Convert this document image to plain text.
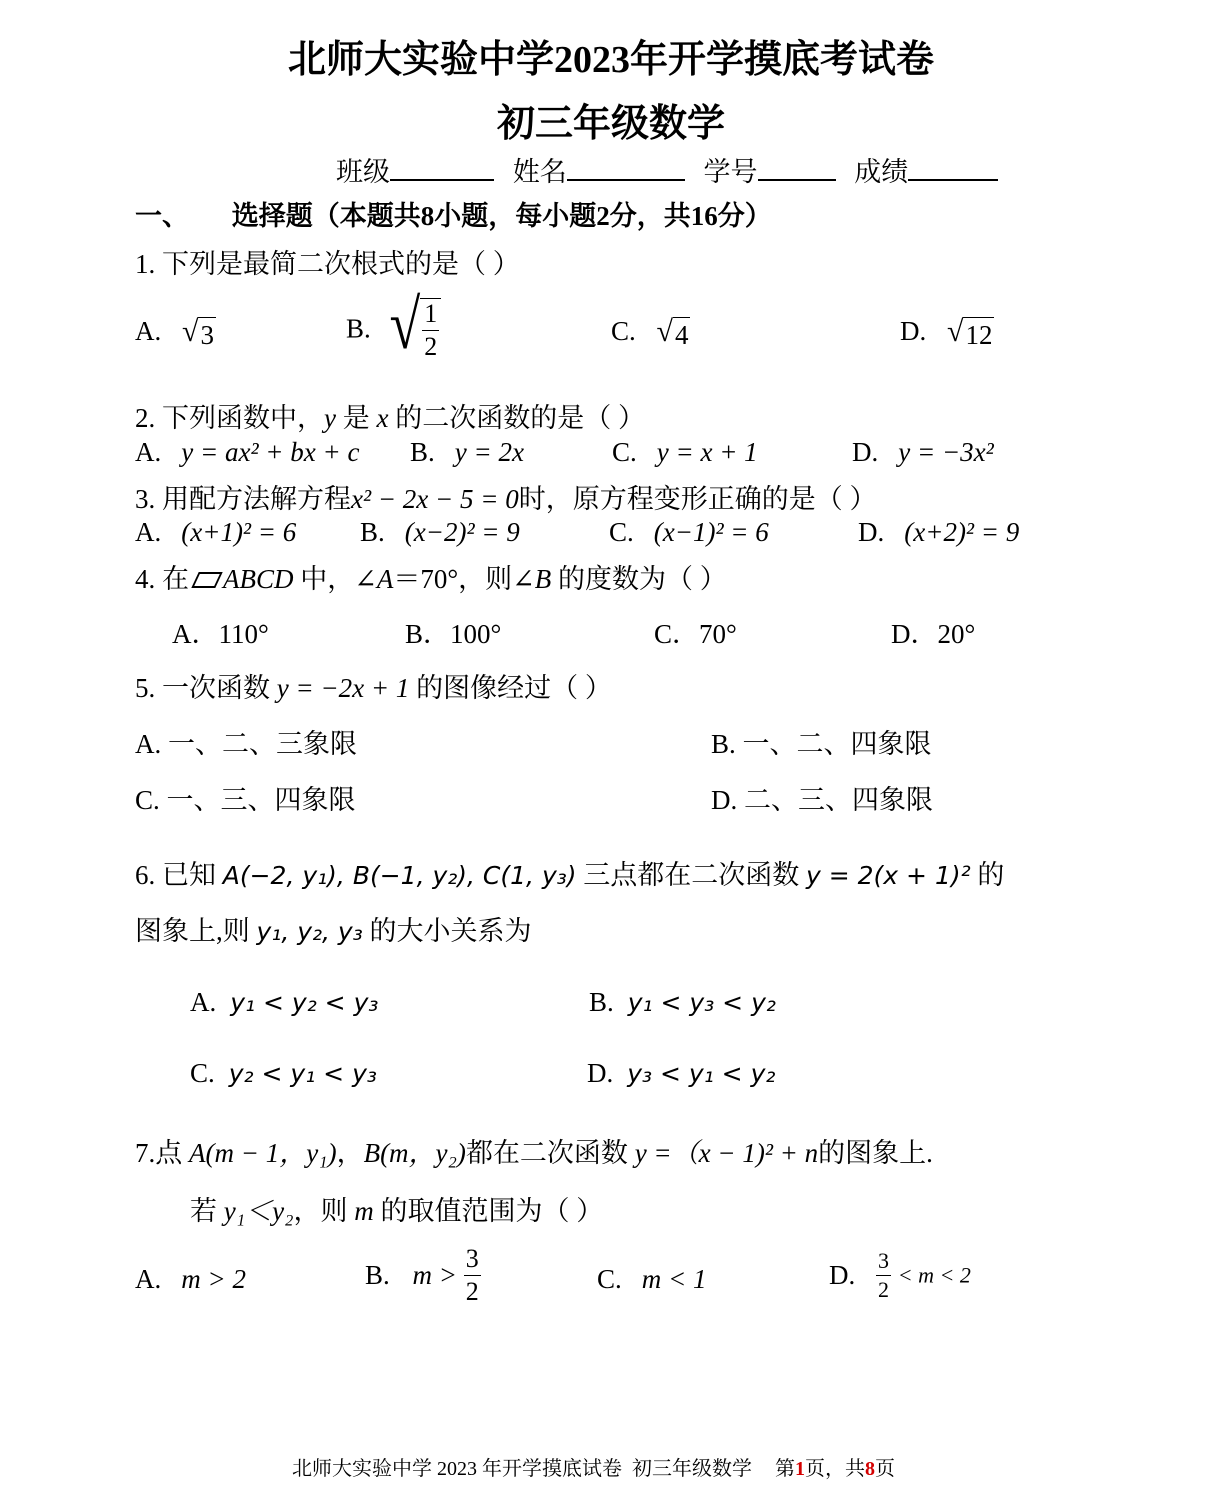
北师大实验中学2023年开学摸底考试卷
初三年级数学
班级	姓名	学号	成绩
一、 选择题（本题共8小题，每小题2分，共16分）
1. 下列是最简二次根式的是（ ）
A. √ 3	B. √ $\frac{1}{2}$	C. √ 4	D. √ 12
2. 下列函数中，y 是 x 的二次函数的是（ ）
A. y = ax² + bx + c B. y = 2x	C. y = x + 1	D. y = −3x²
3. 用配方法解方程x² − 2x − 5 = 0时，原方程变形正确的是（ ）
A. (x+1)² = 6 B. (x−2)² = 9	C. (x−1)² = 6	D. (x+2)² = 9
4. 在 ABCD 中，∠A＝70°，则∠B 的度数为（ ）
A．110°	B．100°	C．70°	D．20°
5. 一次函数 y = −2x + 1 的图像经过（ ）
A. 一、二、三象限	B. 一、二、四象限
C. 一、三、四象限	D. 二、三、四象限
6. 已知 A(−2, y₁), B(−1, y₂), C(1, y₃) 三点都在二次函数 y = 2(x + 1)² 的
图象上,则 y₁, y₂, y₃ 的大小关系为
A. y₁ < y₂ < y₃	B. y₁ < y₃ < y₂
C. y₂ < y₁ < y₃	D. y₃ < y₁ < y₂
7.点 A(m − 1，y₁)，B(m，y₂)都在二次函数 y =（x − 1)² + n的图象上.
若 y₁＜y₂，则 m 的取值范围为（ ）
A. m > 2	B. $m > \frac{3}{2}$	C. m < 1	D. $\frac{3}{2} < m < 2$
北师大实验中学 2023 年开学摸底试卷  初三年级数学 第1页，共8页
